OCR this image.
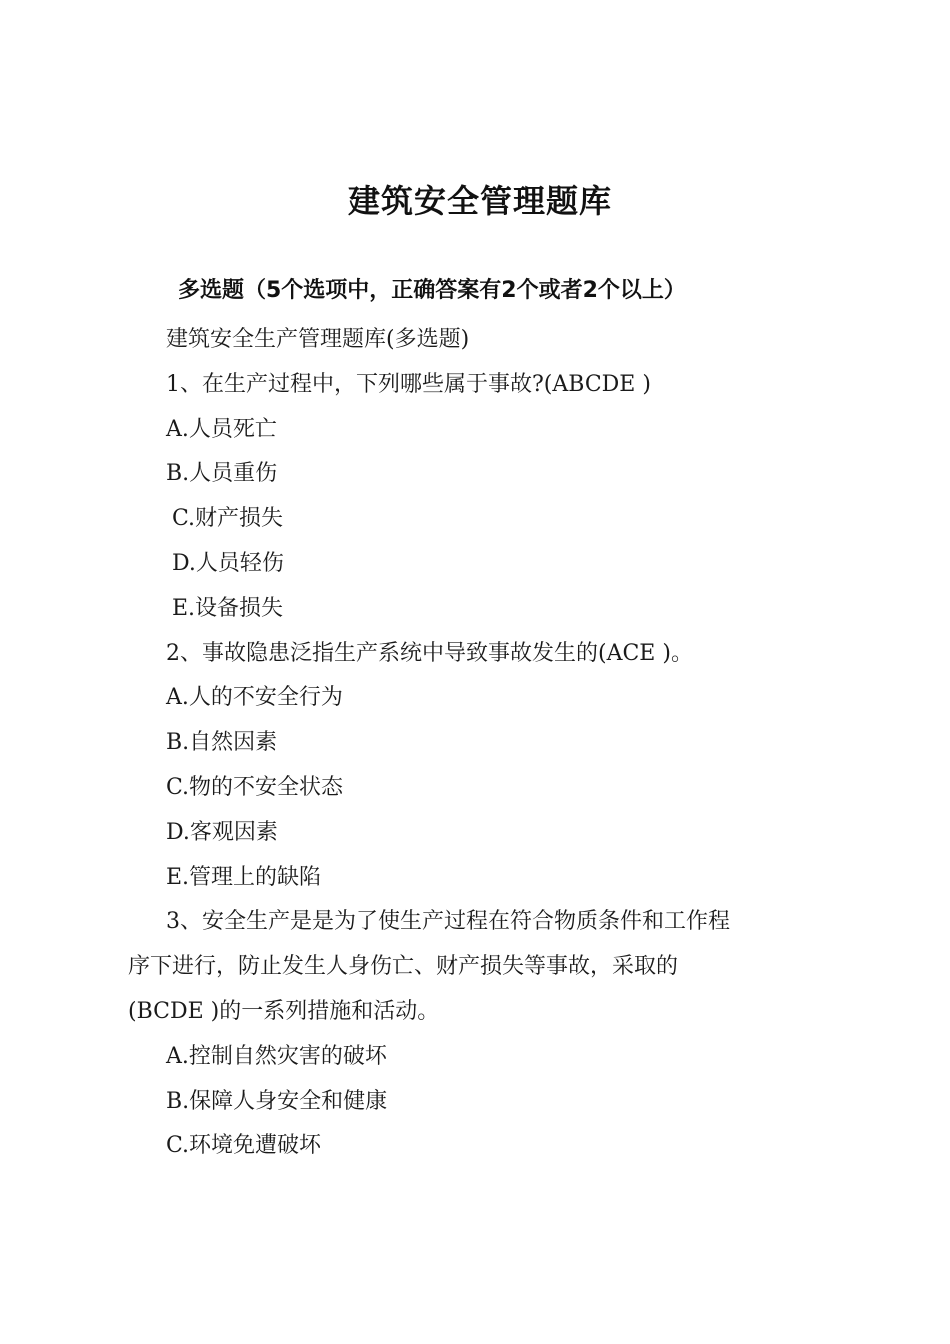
建筑安全管理题库
多选题（5个选项中，正确答案有2个或者2个以上）
建筑安全生产管理题库(多选题)
1、在生产过程中，下列哪些属于事故?(ABCDE )
A.人员死亡
B.人员重伤
C.财产损失
D.人员轻伤
E.设备损失
2、事故隐患泛指生产系统中导致事故发生的(ACE )。
A.人的不安全行为
B.自然因素
C.物的不安全状态
D.客观因素
E.管理上的缺陷
3、安全生产是是为了使生产过程在符合物质条件和工作程
序下进行，防止发生人身伤亡、财产损失等事故，采取的
(BCDE )的一系列措施和活动。
A.控制自然灾害的破坏
B.保障人身安全和健康
C.环境免遭破坏
